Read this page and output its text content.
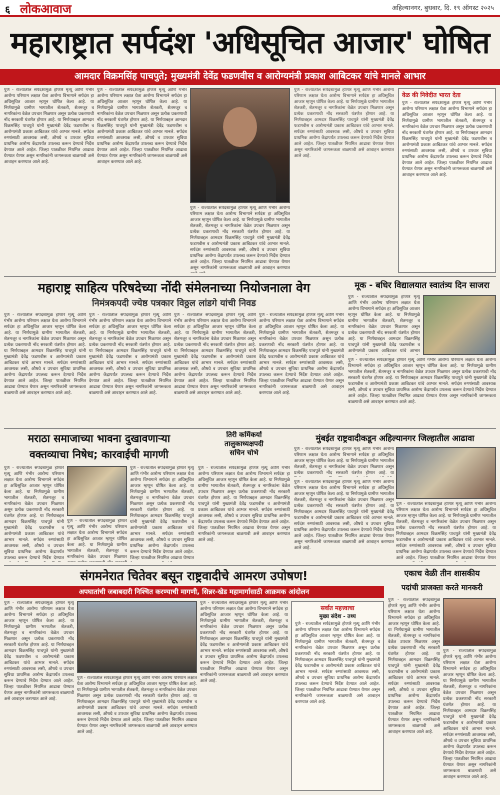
६ लोकआवाज	अहिल्यानगर, बुधवार, दि. १९ ऑगस्ट २०२५
महाराष्ट्रात सर्पदंश 'अधिसूचित आजार' घोषित
आमदार विक्रमसिंह पाचपुते; मुख्यमंत्री देवेंद्र फडणवीस व आरोग्यमंत्री प्रकाश आबिटकर यांचे मानले आभार
पुणे - राज्यातील सर्पदंशामुळे होणारे मृत्यू आणि गंभीर आरोग्य परिणाम लक्षात घेता आरोग्य विभागाने सर्पदंश हा अधिसूचित आजार म्हणून घोषित केला आहे. या निर्णयामुळे ग्रामीण भागातील शेतकरी, शेतमजूर व नागरिकांना वेळेत उपचार मिळणार असून प्रत्येक प्रकरणाची नोंद सरकारी यंत्रणेत होणार आहे. या निर्णयाबद्दल आमदार विक्रमसिंह पाचपुते यांनी मुख्यमंत्री देवेंद्र फडणवीस व आरोग्यमंत्री प्रकाश आबिटकर यांचे आभार मानले. सर्पदंश रुग्णांसाठी आवश्यक लसी, औषधे व उपचार सुविधा प्राथमिक आरोग्य केंद्रापर्यंत उपलब्ध करून देण्याचे निर्देश देण्यात आले आहेत. जिल्हा पातळीवर नियमित आढावा घेण्यात येणार असून नागरिकांनी जागरूकता बाळगावी असे आवाहन करण्यात आले आहे.
पुणे - राज्यातील सर्पदंशामुळे होणारे मृत्यू आणि गंभीर आरोग्य परिणाम लक्षात घेता आरोग्य विभागाने सर्पदंश हा अधिसूचित आजार म्हणून घोषित केला आहे. या निर्णयामुळे ग्रामीण भागातील शेतकरी, शेतमजूर व नागरिकांना वेळेत उपचार मिळणार असून प्रत्येक प्रकरणाची नोंद सरकारी यंत्रणेत होणार आहे. या निर्णयाबद्दल आमदार विक्रमसिंह पाचपुते यांनी मुख्यमंत्री देवेंद्र फडणवीस व आरोग्यमंत्री प्रकाश आबिटकर यांचे आभार मानले. सर्पदंश रुग्णांसाठी आवश्यक लसी, औषधे व उपचार सुविधा प्राथमिक आरोग्य केंद्रापर्यंत उपलब्ध करून देण्याचे निर्देश देण्यात आले आहेत. जिल्हा पातळीवर नियमित आढावा घेण्यात येणार असून नागरिकांनी जागरूकता बाळगावी असे आवाहन करण्यात आले आहे.
पुणे - राज्यातील सर्पदंशामुळे होणारे मृत्यू आणि गंभीर आरोग्य परिणाम लक्षात घेता आरोग्य विभागाने सर्पदंश हा अधिसूचित आजार म्हणून घोषित केला आहे. या निर्णयामुळे ग्रामीण भागातील शेतकरी, शेतमजूर व नागरिकांना वेळेत उपचार मिळणार असून प्रत्येक प्रकरणाची नोंद सरकारी यंत्रणेत होणार आहे. या निर्णयाबद्दल आमदार विक्रमसिंह पाचपुते यांनी मुख्यमंत्री देवेंद्र फडणवीस व आरोग्यमंत्री प्रकाश आबिटकर यांचे आभार मानले. सर्पदंश रुग्णांसाठी आवश्यक लसी, औषधे व उपचार सुविधा प्राथमिक आरोग्य केंद्रापर्यंत उपलब्ध करून देण्याचे निर्देश देण्यात आले आहेत. जिल्हा पातळीवर नियमित आढावा घेण्यात येणार असून नागरिकांनी जागरूकता बाळगावी असे आवाहन करण्यात
पुणे - राज्यातील सर्पदंशामुळे होणारे मृत्यू आणि गंभीर आरोग्य परिणाम लक्षात घेता आरोग्य विभागाने सर्पदंश हा अधिसूचित आजार म्हणून घोषित केला आहे. या निर्णयामुळे ग्रामीण भागातील शेतकरी, शेतमजूर व नागरिकांना वेळेत उपचार मिळणार असून प्रत्येक प्रकरणाची नोंद सरकारी यंत्रणेत होणार आहे. या निर्णयाबद्दल आमदार विक्रमसिंह पाचपुते यांनी मुख्यमंत्री देवेंद्र फडणवीस व आरोग्यमंत्री प्रकाश आबिटकर यांचे आभार मानले. सर्पदंश रुग्णांसाठी आवश्यक लसी, औषधे व उपचार सुविधा प्राथमिक आरोग्य केंद्रापर्यंत उपलब्ध करून देण्याचे निर्देश देण्यात आले आहेत. जिल्हा पातळीवर नियमित आढावा घेण्यात येणार असून नागरिकांनी जागरूकता बाळगावी असे आवाहन करण्यात आले आहे.
वेळ की निवेदीत भारत देता
पुणे - राज्यातील सर्पदंशामुळे होणारे मृत्यू आणि गंभीर आरोग्य परिणाम लक्षात घेता आरोग्य विभागाने सर्पदंश हा अधिसूचित आजार म्हणून घोषित केला आहे. या निर्णयामुळे ग्रामीण भागातील शेतकरी, शेतमजूर व नागरिकांना वेळेत उपचार मिळणार असून प्रत्येक प्रकरणाची नोंद सरकारी यंत्रणेत होणार आहे. या निर्णयाबद्दल आमदार विक्रमसिंह पाचपुते यांनी मुख्यमंत्री देवेंद्र फडणवीस व आरोग्यमंत्री प्रकाश आबिटकर यांचे आभार मानले. सर्पदंश रुग्णांसाठी आवश्यक लसी, औषधे व उपचार सुविधा प्राथमिक आरोग्य केंद्रापर्यंत उपलब्ध करून देण्याचे निर्देश देण्यात आले आहेत. जिल्हा पातळीवर नियमित आढावा घेण्यात येणार असून नागरिकांनी जागरूकता बाळगावी असे आवाहन करण्यात आले आहे.
महाराष्ट्र साहित्य परिषदेच्या नोंदी संमेलनाच्या नियोजनाला वेग
निमंत्रकपदी ज्येष्ठ पत्रकार विठ्ठल लांडगे यांची निवड
पुणे - राज्यातील सर्पदंशामुळे होणारे मृत्यू आणि गंभीर आरोग्य परिणाम लक्षात घेता आरोग्य विभागाने सर्पदंश हा अधिसूचित आजार म्हणून घोषित केला आहे. या निर्णयामुळे ग्रामीण भागातील शेतकरी, शेतमजूर व नागरिकांना वेळेत उपचार मिळणार असून प्रत्येक प्रकरणाची नोंद सरकारी यंत्रणेत होणार आहे. या निर्णयाबद्दल आमदार विक्रमसिंह पाचपुते यांनी मुख्यमंत्री देवेंद्र फडणवीस व आरोग्यमंत्री प्रकाश आबिटकर यांचे आभार मानले. सर्पदंश रुग्णांसाठी आवश्यक लसी, औषधे व उपचार सुविधा प्राथमिक आरोग्य केंद्रापर्यंत उपलब्ध करून देण्याचे निर्देश देण्यात आले आहेत. जिल्हा पातळीवर नियमित आढावा घेण्यात येणार असून नागरिकांनी जागरूकता बाळगावी असे आवाहन करण्यात आले आहे.
पुणे - राज्यातील सर्पदंशामुळे होणारे मृत्यू आणि गंभीर आरोग्य परिणाम लक्षात घेता आरोग्य विभागाने सर्पदंश हा अधिसूचित आजार म्हणून घोषित केला आहे. या निर्णयामुळे ग्रामीण भागातील शेतकरी, शेतमजूर व नागरिकांना वेळेत उपचार मिळणार असून प्रत्येक प्रकरणाची नोंद सरकारी यंत्रणेत होणार आहे. या निर्णयाबद्दल आमदार विक्रमसिंह पाचपुते यांनी मुख्यमंत्री देवेंद्र फडणवीस व आरोग्यमंत्री प्रकाश आबिटकर यांचे आभार मानले. सर्पदंश रुग्णांसाठी आवश्यक लसी, औषधे व उपचार सुविधा प्राथमिक आरोग्य केंद्रापर्यंत उपलब्ध करून देण्याचे निर्देश देण्यात आले आहेत. जिल्हा पातळीवर नियमित आढावा घेण्यात येणार असून नागरिकांनी जागरूकता बाळगावी असे आवाहन करण्यात आले आहे.
पुणे - राज्यातील सर्पदंशामुळे होणारे मृत्यू आणि गंभीर आरोग्य परिणाम लक्षात घेता आरोग्य विभागाने सर्पदंश हा अधिसूचित आजार म्हणून घोषित केला आहे. या निर्णयामुळे ग्रामीण भागातील शेतकरी, शेतमजूर व नागरिकांना वेळेत उपचार मिळणार असून प्रत्येक प्रकरणाची नोंद सरकारी यंत्रणेत होणार आहे. या निर्णयाबद्दल आमदार विक्रमसिंह पाचपुते यांनी मुख्यमंत्री देवेंद्र फडणवीस व आरोग्यमंत्री प्रकाश आबिटकर यांचे आभार मानले. सर्पदंश रुग्णांसाठी आवश्यक लसी, औषधे व उपचार सुविधा प्राथमिक आरोग्य केंद्रापर्यंत उपलब्ध करून देण्याचे निर्देश देण्यात आले आहेत. जिल्हा पातळीवर नियमित आढावा घेण्यात येणार असून नागरिकांनी जागरूकता बाळगावी असे आवाहन करण्यात आले आहे.
पुणे - राज्यातील सर्पदंशामुळे होणारे मृत्यू आणि गंभीर आरोग्य परिणाम लक्षात घेता आरोग्य विभागाने सर्पदंश हा अधिसूचित आजार म्हणून घोषित केला आहे. या निर्णयामुळे ग्रामीण भागातील शेतकरी, शेतमजूर व नागरिकांना वेळेत उपचार मिळणार असून प्रत्येक प्रकरणाची नोंद सरकारी यंत्रणेत होणार आहे. या निर्णयाबद्दल आमदार विक्रमसिंह पाचपुते यांनी मुख्यमंत्री देवेंद्र फडणवीस व आरोग्यमंत्री प्रकाश आबिटकर यांचे आभार मानले. सर्पदंश रुग्णांसाठी आवश्यक लसी, औषधे व उपचार सुविधा प्राथमिक आरोग्य केंद्रापर्यंत उपलब्ध करून देण्याचे निर्देश देण्यात आले आहेत. जिल्हा पातळीवर नियमित आढावा घेण्यात येणार असून नागरिकांनी जागरूकता बाळगावी असे आवाहन करण्यात आले आहे.
मूक - बधिर विद्यालयात स्वातंत्र्य दिन साजरा
पुणे - राज्यातील सर्पदंशामुळे होणारे मृत्यू आणि गंभीर आरोग्य परिणाम लक्षात घेता आरोग्य विभागाने सर्पदंश हा अधिसूचित आजार म्हणून घोषित केला आहे. या निर्णयामुळे ग्रामीण भागातील शेतकरी, शेतमजूर व नागरिकांना वेळेत उपचार मिळणार असून प्रत्येक प्रकरणाची नोंद सरकारी यंत्रणेत होणार आहे. या निर्णयाबद्दल आमदार विक्रमसिंह पाचपुते यांनी मुख्यमंत्री देवेंद्र फडणवीस व आरोग्यमंत्री प्रकाश आबिटकर यांचे आभार
पुणे - राज्यातील सर्पदंशामुळे होणारे मृत्यू आणि गंभीर आरोग्य परिणाम लक्षात घेता आरोग्य विभागाने सर्पदंश हा अधिसूचित आजार म्हणून घोषित केला आहे. या निर्णयामुळे ग्रामीण भागातील शेतकरी, शेतमजूर व नागरिकांना वेळेत उपचार मिळणार असून प्रत्येक प्रकरणाची नोंद सरकारी यंत्रणेत होणार आहे. या निर्णयाबद्दल आमदार विक्रमसिंह पाचपुते यांनी मुख्यमंत्री देवेंद्र फडणवीस व आरोग्यमंत्री प्रकाश आबिटकर यांचे आभार मानले. सर्पदंश रुग्णांसाठी आवश्यक लसी, औषधे व उपचार सुविधा प्राथमिक आरोग्य केंद्रापर्यंत उपलब्ध करून देण्याचे निर्देश देण्यात आले आहेत. जिल्हा पातळीवर नियमित आढावा घेण्यात येणार असून नागरिकांनी जागरूकता बाळगावी असे आवाहन करण्यात आले आहे.
मराठा समाजाच्या भावना दुखावणाऱ्या
वक्तव्याचा निषेध; कारवाईची मागणी
पुणे - राज्यातील सर्पदंशामुळे होणारे मृत्यू आणि गंभीर आरोग्य परिणाम लक्षात घेता आरोग्य विभागाने सर्पदंश हा अधिसूचित आजार म्हणून घोषित केला आहे. या निर्णयामुळे ग्रामीण भागातील शेतकरी, शेतमजूर व नागरिकांना वेळेत उपचार मिळणार असून प्रत्येक प्रकरणाची नोंद सरकारी यंत्रणेत होणार आहे. या निर्णयाबद्दल आमदार विक्रमसिंह पाचपुते यांनी मुख्यमंत्री देवेंद्र फडणवीस व आरोग्यमंत्री प्रकाश आबिटकर यांचे आभार मानले. सर्पदंश रुग्णांसाठी आवश्यक लसी, औषधे व उपचार सुविधा प्राथमिक आरोग्य केंद्रापर्यंत उपलब्ध करून देण्याचे निर्देश देण्यात
पुणे - राज्यातील सर्पदंशामुळे होणारे मृत्यू आणि गंभीर आरोग्य परिणाम लक्षात घेता आरोग्य विभागाने सर्पदंश हा अधिसूचित आजार म्हणून घोषित केला आहे. या निर्णयामुळे ग्रामीण भागातील शेतकरी, शेतमजूर व नागरिकांना वेळेत उपचार मिळणार
पुणे - राज्यातील सर्पदंशामुळे होणारे मृत्यू आणि गंभीर आरोग्य परिणाम लक्षात घेता आरोग्य विभागाने सर्पदंश हा अधिसूचित आजार म्हणून घोषित केला आहे. या निर्णयामुळे ग्रामीण भागातील शेतकरी, शेतमजूर व नागरिकांना वेळेत उपचार मिळणार असून प्रत्येक प्रकरणाची नोंद सरकारी यंत्रणेत होणार आहे. या निर्णयाबद्दल आमदार विक्रमसिंह पाचपुते यांनी मुख्यमंत्री देवेंद्र फडणवीस व आरोग्यमंत्री प्रकाश आबिटकर यांचे आभार मानले. सर्पदंश रुग्णांसाठी आवश्यक लसी, औषधे व उपचार सुविधा प्राथमिक आरोग्य केंद्रापर्यंत उपलब्ध करून देण्याचे निर्देश देण्यात आले आहेत. जिल्हा पातळीवर नियमित आढावा घेण्यात
तिरी कर्मिकर्या
तालुकाध्यक्षपदी
सचिन चोभे
पुणे - राज्यातील सर्पदंशामुळे होणारे मृत्यू आणि गंभीर आरोग्य परिणाम लक्षात घेता आरोग्य विभागाने सर्पदंश हा अधिसूचित आजार म्हणून घोषित केला आहे. या निर्णयामुळे ग्रामीण भागातील शेतकरी, शेतमजूर व नागरिकांना वेळेत उपचार मिळणार असून प्रत्येक प्रकरणाची नोंद सरकारी यंत्रणेत होणार आहे. या निर्णयाबद्दल आमदार विक्रमसिंह पाचपुते यांनी मुख्यमंत्री देवेंद्र फडणवीस व आरोग्यमंत्री प्रकाश आबिटकर यांचे आभार मानले. सर्पदंश रुग्णांसाठी आवश्यक लसी, औषधे व उपचार सुविधा प्राथमिक आरोग्य केंद्रापर्यंत उपलब्ध करून देण्याचे निर्देश देण्यात आले आहेत. जिल्हा पातळीवर नियमित आढावा घेण्यात येणार असून नागरिकांनी जागरूकता बाळगावी असे आवाहन करण्यात आले आहे.
मुंबईत राष्ट्रवादीकडून अहिल्यानगर जिल्हातील आढावा
पुणे - राज्यातील सर्पदंशामुळे होणारे मृत्यू आणि गंभीर आरोग्य परिणाम लक्षात घेता आरोग्य विभागाने सर्पदंश हा अधिसूचित आजार म्हणून घोषित केला आहे. या निर्णयामुळे ग्रामीण भागातील शेतकरी, शेतमजूर व नागरिकांना वेळेत उपचार मिळणार असून प्रत्येक प्रकरणाची नोंद सरकारी यंत्रणेत होणार आहे. या
पुणे - राज्यातील सर्पदंशामुळे होणारे मृत्यू आणि गंभीर आरोग्य परिणाम लक्षात घेता आरोग्य विभागाने सर्पदंश हा अधिसूचित आजार म्हणून घोषित केला आहे. या निर्णयामुळे ग्रामीण भागातील शेतकरी, शेतमजूर व नागरिकांना वेळेत उपचार मिळणार असून प्रत्येक प्रकरणाची नोंद सरकारी यंत्रणेत होणार आहे. या निर्णयाबद्दल आमदार विक्रमसिंह पाचपुते यांनी मुख्यमंत्री देवेंद्र फडणवीस व आरोग्यमंत्री प्रकाश आबिटकर यांचे आभार मानले. सर्पदंश रुग्णांसाठी आवश्यक लसी, औषधे व उपचार सुविधा प्राथमिक आरोग्य केंद्रापर्यंत उपलब्ध करून देण्याचे निर्देश देण्यात आले आहेत. जिल्हा पातळीवर नियमित आढावा घेण्यात येणार असून नागरिकांनी जागरूकता बाळगावी असे आवाहन करण्यात आले आहे.
पुणे - राज्यातील सर्पदंशामुळे होणारे मृत्यू आणि गंभीर आरोग्य परिणाम लक्षात घेता आरोग्य विभागाने सर्पदंश हा अधिसूचित आजार म्हणून घोषित केला आहे. या निर्णयामुळे ग्रामीण भागातील शेतकरी, शेतमजूर व नागरिकांना वेळेत उपचार मिळणार असून प्रत्येक प्रकरणाची नोंद सरकारी यंत्रणेत होणार आहे. या निर्णयाबद्दल आमदार विक्रमसिंह पाचपुते यांनी मुख्यमंत्री देवेंद्र फडणवीस व आरोग्यमंत्री प्रकाश आबिटकर यांचे आभार मानले. सर्पदंश रुग्णांसाठी आवश्यक लसी, औषधे व उपचार सुविधा प्राथमिक आरोग्य केंद्रापर्यंत उपलब्ध करून देण्याचे निर्देश देण्यात आले आहेत. जिल्हा पातळीवर नियमित आढावा घेण्यात येणार
संगमनेरात चितेवर बसून राष्ट्रवादीचे आमरण उपोषण!
अपघातांची जबाबदारी निश्चित करण्याची मागणी, सिन्नर-खेड महामार्गासाठी आक्रमक आंदोलन
पुणे - राज्यातील सर्पदंशामुळे होणारे मृत्यू आणि गंभीर आरोग्य परिणाम लक्षात घेता आरोग्य विभागाने सर्पदंश हा अधिसूचित आजार म्हणून घोषित केला आहे. या निर्णयामुळे ग्रामीण भागातील शेतकरी, शेतमजूर व नागरिकांना वेळेत उपचार मिळणार असून प्रत्येक प्रकरणाची नोंद सरकारी यंत्रणेत होणार आहे. या निर्णयाबद्दल आमदार विक्रमसिंह पाचपुते यांनी मुख्यमंत्री देवेंद्र फडणवीस व आरोग्यमंत्री प्रकाश आबिटकर यांचे आभार मानले. सर्पदंश रुग्णांसाठी आवश्यक लसी, औषधे व उपचार सुविधा प्राथमिक आरोग्य केंद्रापर्यंत उपलब्ध करून देण्याचे निर्देश देण्यात आले आहेत. जिल्हा पातळीवर नियमित आढावा घेण्यात येणार असून नागरिकांनी जागरूकता बाळगावी असे आवाहन करण्यात आले आहे.
पुणे - राज्यातील सर्पदंशामुळे होणारे मृत्यू आणि गंभीर आरोग्य परिणाम लक्षात घेता आरोग्य विभागाने सर्पदंश हा अधिसूचित आजार म्हणून घोषित केला आहे. या निर्णयामुळे ग्रामीण भागातील शेतकरी, शेतमजूर व नागरिकांना वेळेत उपचार मिळणार असून प्रत्येक प्रकरणाची नोंद सरकारी यंत्रणेत होणार आहे. या निर्णयाबद्दल आमदार विक्रमसिंह पाचपुते यांनी मुख्यमंत्री देवेंद्र फडणवीस व आरोग्यमंत्री प्रकाश आबिटकर यांचे आभार मानले. सर्पदंश रुग्णांसाठी आवश्यक लसी, औषधे व उपचार सुविधा प्राथमिक आरोग्य केंद्रापर्यंत उपलब्ध करून देण्याचे निर्देश देण्यात आले आहेत. जिल्हा पातळीवर नियमित आढावा घेण्यात येणार असून नागरिकांनी जागरूकता बाळगावी असे आवाहन करण्यात आले आहे.
पुणे - राज्यातील सर्पदंशामुळे होणारे मृत्यू आणि गंभीर आरोग्य परिणाम लक्षात घेता आरोग्य विभागाने सर्पदंश हा अधिसूचित आजार म्हणून घोषित केला आहे. या निर्णयामुळे ग्रामीण भागातील शेतकरी, शेतमजूर व नागरिकांना वेळेत उपचार मिळणार असून प्रत्येक प्रकरणाची नोंद सरकारी यंत्रणेत होणार आहे. या निर्णयाबद्दल आमदार विक्रमसिंह पाचपुते यांनी मुख्यमंत्री देवेंद्र फडणवीस व आरोग्यमंत्री प्रकाश आबिटकर यांचे आभार मानले. सर्पदंश रुग्णांसाठी आवश्यक लसी, औषधे व उपचार सुविधा प्राथमिक आरोग्य केंद्रापर्यंत उपलब्ध करून देण्याचे निर्देश देण्यात आले आहेत. जिल्हा पातळीवर नियमित आढावा घेण्यात येणार असून नागरिकांनी जागरूकता बाळगावी असे आवाहन करण्यात आले आहे.
सर्वात महत्त्वाचा
मुख्य संदेश - तथ्य
पुणे - राज्यातील सर्पदंशामुळे होणारे मृत्यू आणि गंभीर आरोग्य परिणाम लक्षात घेता आरोग्य विभागाने सर्पदंश हा अधिसूचित आजार म्हणून घोषित केला आहे. या निर्णयामुळे ग्रामीण भागातील शेतकरी, शेतमजूर व नागरिकांना वेळेत उपचार मिळणार असून प्रत्येक प्रकरणाची नोंद सरकारी यंत्रणेत होणार आहे. या निर्णयाबद्दल आमदार विक्रमसिंह पाचपुते यांनी मुख्यमंत्री देवेंद्र फडणवीस व आरोग्यमंत्री प्रकाश आबिटकर यांचे आभार मानले. सर्पदंश रुग्णांसाठी आवश्यक लसी, औषधे व उपचार सुविधा प्राथमिक आरोग्य केंद्रापर्यंत उपलब्ध करून देण्याचे निर्देश देण्यात आले आहेत. जिल्हा पातळीवर नियमित आढावा घेण्यात येणार असून नागरिकांनी जागरूकता बाळगावी असे आवाहन करण्यात आले आहे.
एकाच वेळी तीन शासकीय
पदांची प्राजक्ता करते मानकरी
पुणे - राज्यातील सर्पदंशामुळे होणारे मृत्यू आणि गंभीर आरोग्य परिणाम लक्षात घेता आरोग्य विभागाने सर्पदंश हा अधिसूचित आजार म्हणून घोषित केला आहे. या निर्णयामुळे ग्रामीण भागातील शेतकरी, शेतमजूर व नागरिकांना वेळेत उपचार मिळणार असून प्रत्येक प्रकरणाची नोंद सरकारी यंत्रणेत होणार आहे. या निर्णयाबद्दल आमदार विक्रमसिंह पाचपुते यांनी मुख्यमंत्री देवेंद्र फडणवीस व आरोग्यमंत्री प्रकाश आबिटकर यांचे आभार मानले. सर्पदंश रुग्णांसाठी आवश्यक लसी, औषधे व उपचार सुविधा प्राथमिक आरोग्य केंद्रापर्यंत उपलब्ध करून देण्याचे निर्देश देण्यात आले आहेत. जिल्हा पातळीवर नियमित आढावा घेण्यात येणार असून नागरिकांनी जागरूकता बाळगावी असे आवाहन करण्यात आले आहे.
पुणे - राज्यातील सर्पदंशामुळे होणारे मृत्यू आणि गंभीर आरोग्य परिणाम लक्षात घेता आरोग्य विभागाने सर्पदंश हा अधिसूचित आजार म्हणून घोषित केला आहे. या निर्णयामुळे ग्रामीण भागातील शेतकरी, शेतमजूर व नागरिकांना वेळेत उपचार मिळणार असून प्रत्येक प्रकरणाची नोंद सरकारी यंत्रणेत होणार आहे. या निर्णयाबद्दल आमदार विक्रमसिंह पाचपुते यांनी मुख्यमंत्री देवेंद्र फडणवीस व आरोग्यमंत्री प्रकाश आबिटकर यांचे आभार मानले. सर्पदंश रुग्णांसाठी आवश्यक लसी, औषधे व उपचार सुविधा प्राथमिक आरोग्य केंद्रापर्यंत उपलब्ध करून देण्याचे निर्देश देण्यात आले आहेत. जिल्हा पातळीवर नियमित आढावा घेण्यात येणार असून नागरिकांनी जागरूकता बाळगावी असे आवाहन करण्यात आले आहे.
